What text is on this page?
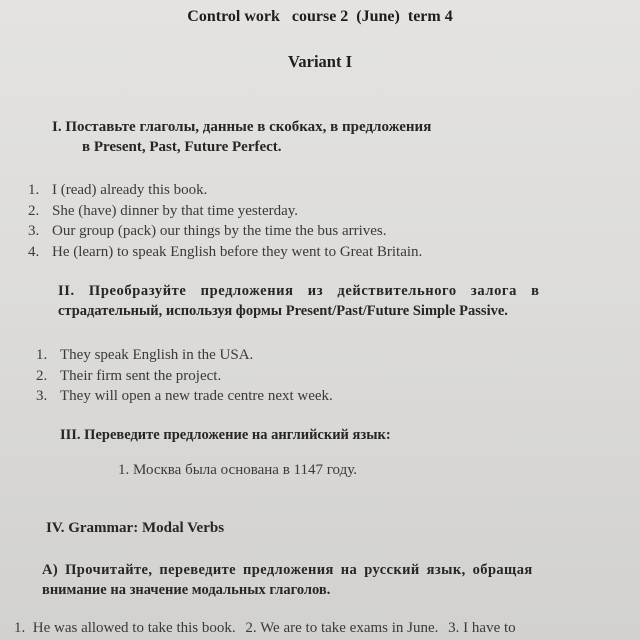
Control work   course 2  (June)  term 4
Variant I
I. Поставьте глаголы, данные в скобках, в предложения
в Present, Past, Future Perfect.
1. I (read) already this book.
2. She (have) dinner by that time yesterday.
3. Our group (pack) our things by the time the bus arrives.
4. He (learn) to speak English before they went to Great Britain.
II. Преобразуйте предложения из действительного залога в
страдательный, используя формы Present/Past/Future Simple Passive.
1. They speak English in the USA.
2. Their firm sent the project.
3. They will open a new trade centre next week.
III. Переведите предложение на английский язык:
1. Москва была основана в 1147 году.
IV. Grammar: Modal Verbs
А) Прочитайте, переведите предложения на русский язык, обращая
внимание на значение модальных глаголов.
1.  He was allowed to take this book. 2. We are to take exams in June. 3. I have to
